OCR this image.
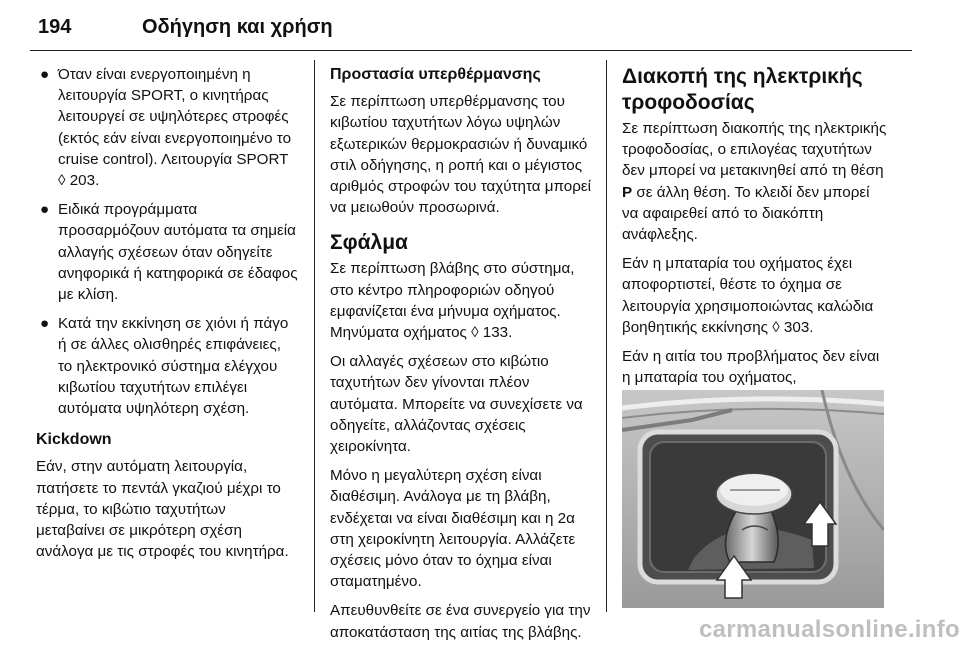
194	Οδήγηση και χρήση
● Όταν είναι ενεργοποιημένη η λειτουργία SPORT, ο κινητήρας λειτουργεί σε υψηλότερες στροφές (εκτός εάν είναι ενεργοποιημένο το cruise control). Λειτουργία SPORT ◊ 203.
● Ειδικά προγράμματα προσαρμόζουν αυτόματα τα σημεία αλλαγής σχέσεων όταν οδηγείτε ανηφορικά ή κατηφορικά σε έδαφος με κλίση.
● Κατά την εκκίνηση σε χιόνι ή πάγο ή σε άλλες ολισθηρές επιφάνειες, το ηλεκτρονικό σύστημα ελέγχου κιβωτίου ταχυτήτων επιλέγει αυτόματα υψηλότερη σχέση.
Kickdown

Εάν, στην αυτόματη λειτουργία, πατήσετε το πεντάλ γκαζιού μέχρι το τέρμα, το κιβώτιο ταχυτήτων μεταβαίνει σε μικρότερη σχέση ανάλογα με τις στροφές του κινητήρα.

Προστασία υπερθέρμανσης

Σε περίπτωση υπερθέρμανσης του κιβωτίου ταχυτήτων λόγω υψηλών εξωτερικών θερμοκρασιών ή δυναμικό στιλ οδήγησης, η ροπή και ο μέγιστος αριθμός στροφών του ταχύτητα μπορεί να μειωθούν προσωρινά.

Σφάλμα

Σε περίπτωση βλάβης στο σύστημα, στο κέντρο πληροφοριών οδηγού εμφανίζεται ένα μήνυμα οχήματος. Μηνύματα οχήματος ◊ 133.

Οι αλλαγές σχέσεων στο κιβώτιο ταχυτήτων δεν γίνονται πλέον αυτόματα. Μπορείτε να συνεχίσετε να οδηγείτε, αλλάζοντας σχέσεις χειροκίνητα.

Μόνο η μεγαλύτερη σχέση είναι διαθέσιμη. Ανάλογα με τη βλάβη, ενδέχεται να είναι διαθέσιμη και η 2α στη χειροκίνητη λειτουργία. Αλλάζετε σχέσεις μόνο όταν το όχημα είναι σταματημένο.

Απευθυνθείτε σε ένα συνεργείο για την αποκατάσταση της αιτίας της βλάβης.

Διακοπή της ηλεκτρικής τροφοδοσίας

Σε περίπτωση διακοπής της ηλεκτρικής τροφοδοσίας, ο επιλογέας ταχυτήτων δεν μπορεί να μετακινηθεί από τη θέση P σε άλλη θέση. Το κλειδί δεν μπορεί να αφαιρεθεί από το διακόπτη ανάφλεξης.

Εάν η μπαταρία του οχήματος έχει αποφορτιστεί, θέστε το όχημα σε λειτουργία χρησιμοποιώντας καλώδια βοηθητικής εκκίνησης ◊ 303.

Εάν η αιτία του προβλήματος δεν είναι η μπαταρία του οχήματος,

carmanualsonline.info
